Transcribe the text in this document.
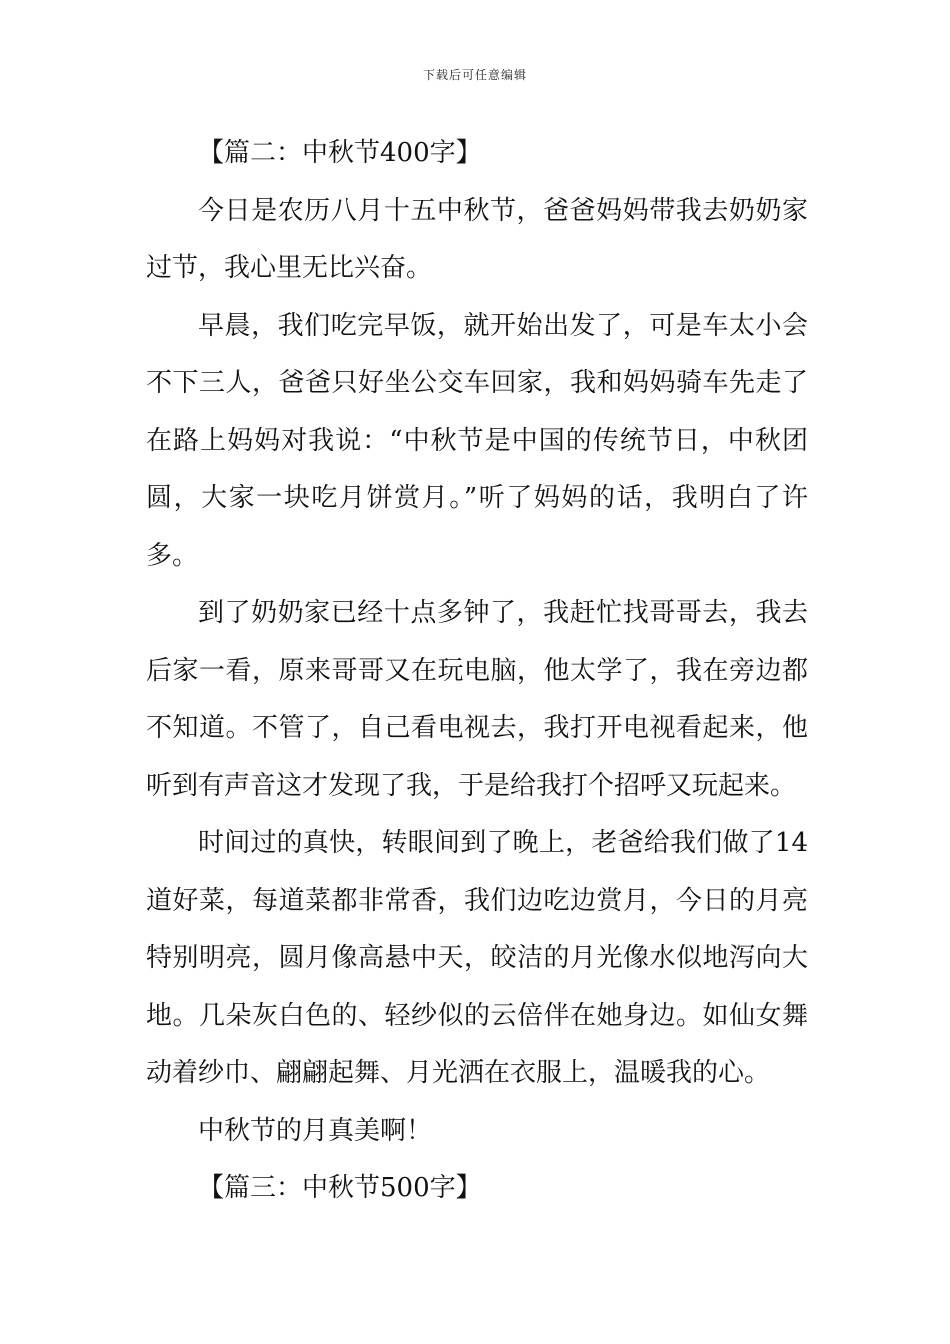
下载后可任意编辑
【篇二：中秋节400字】
今日是农历八月十五中秋节，爸爸妈妈带我去奶奶家
过节，我心里无比兴奋。
早晨，我们吃完早饭，就开始出发了，可是车太小会
不下三人，爸爸只好坐公交车回家，我和妈妈骑车先走了
在路上妈妈对我说：“中秋节是中国的传统节日，中秋团
圆，大家一块吃月饼赏月。”听了妈妈的话，我明白了许
多。
到了奶奶家已经十点多钟了，我赶忙找哥哥去，我去
后家一看，原来哥哥又在玩电脑，他太学了，我在旁边都
不知道。不管了，自己看电视去，我打开电视看起来，他
听到有声音这才发现了我，于是给我打个招呼又玩起来。
时间过的真快，转眼间到了晚上，老爸给我们做了14
道好菜，每道菜都非常香，我们边吃边赏月，今日的月亮
特别明亮，圆月像高悬中天，皎洁的月光像水似地泻向大
地。几朵灰白色的、轻纱似的云倍伴在她身边。如仙女舞
动着纱巾、翩翩起舞、月光洒在衣服上，温暖我的心。
中秋节的月真美啊！
【篇三：中秋节500字】
